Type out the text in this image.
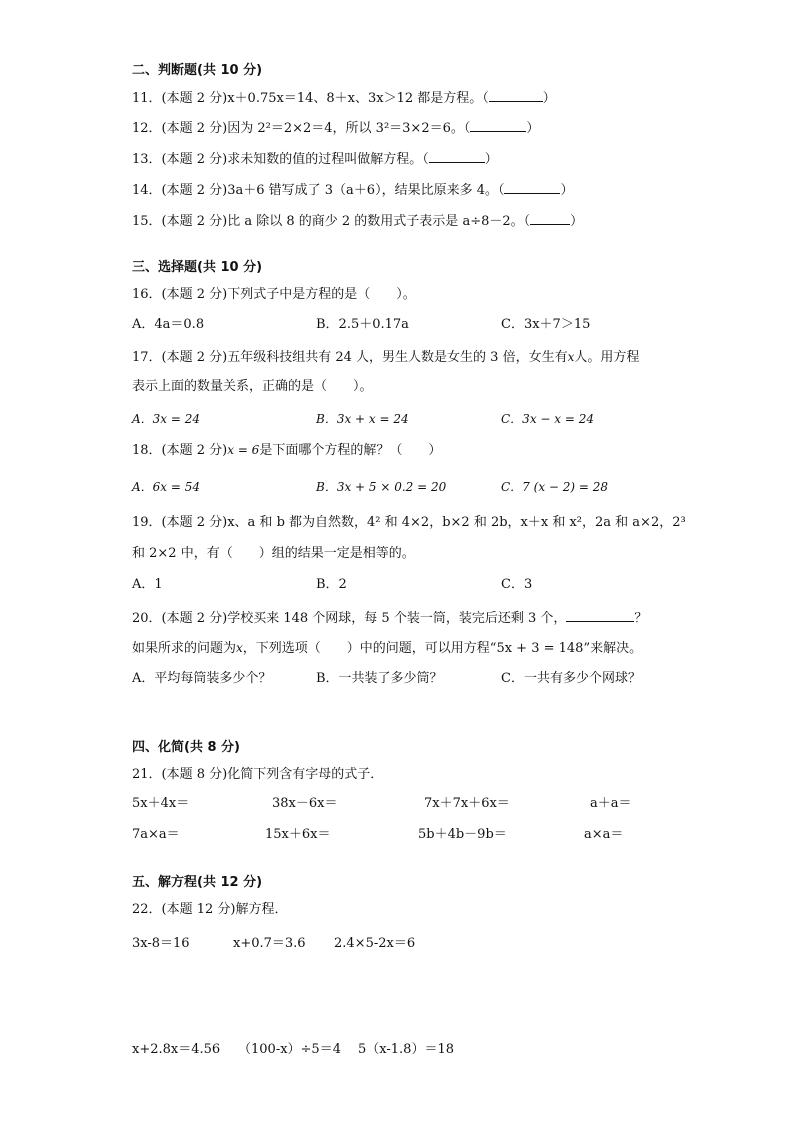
二、判断题(共 10 分)
11．(本题 2 分)x＋0.75x＝14、8＋x、3x＞12 都是方程。（	）
12．(本题 2 分)因为 2²＝2×2＝4，所以 3²＝3×2＝6。（	）
13．(本题 2 分)求未知数的值的过程叫做解方程。（	）
14．(本题 2 分)3a＋6 错写成了 3（a＋6），结果比原来多 4。（	）
15．(本题 2 分)比 a 除以 8 的商少 2 的数用式子表示是 a÷8－2。（	）
三、选择题(共 10 分)
16．(本题 2 分)下列式子中是方程的是（　　）。
A．4a＝0.8	B．2.5＋0.17a	C．3x＋7＞15
17．(本题 2 分)五年级科技组共有 24 人，男生人数是女生的 3 倍，女生有x人。用方程
表示上面的数量关系，正确的是（　　）。
A．3x = 24	B．3x + x = 24	C．3x − x = 24
18．(本题 2 分)x = 6是下面哪个方程的解？（　　）
A．6x = 54	B．3x + 5 × 0.2 = 20	C．7 (x − 2) = 28
19．(本题 2 分)x、a 和 b 都为自然数，4² 和 4×2，b×2 和 2b，x＋x 和 x²，2a 和 a×2，2³
和 2×2 中，有（　　）组的结果一定是相等的。
A．1	B．2	C．3
20．(本题 2 分)学校买来 148 个网球，每 5 个装一筒，装完后还剩 3 个，	？
如果所求的问题为x，下列选项（　　）中的问题，可以用方程“5x + 3 = 148”来解决。
A．平均每筒装多少个？	B．一共装了多少筒？	C．一共有多少个网球？
四、化简(共 8 分)
21．(本题 8 分)化简下列含有字母的式子．
5x＋4x＝	38x－6x＝	7x＋7x＋6x＝	a＋a＝
7a×a＝	15x＋6x＝	5b＋4b－9b＝	a×a＝
五、解方程(共 12 分)
22．(本题 12 分)解方程．
3x-8＝16	x+0.7＝3.6 2.4×5-2x＝6
x+2.8x＝4.56 （100-x）÷5＝4 5（x-1.8）＝18
